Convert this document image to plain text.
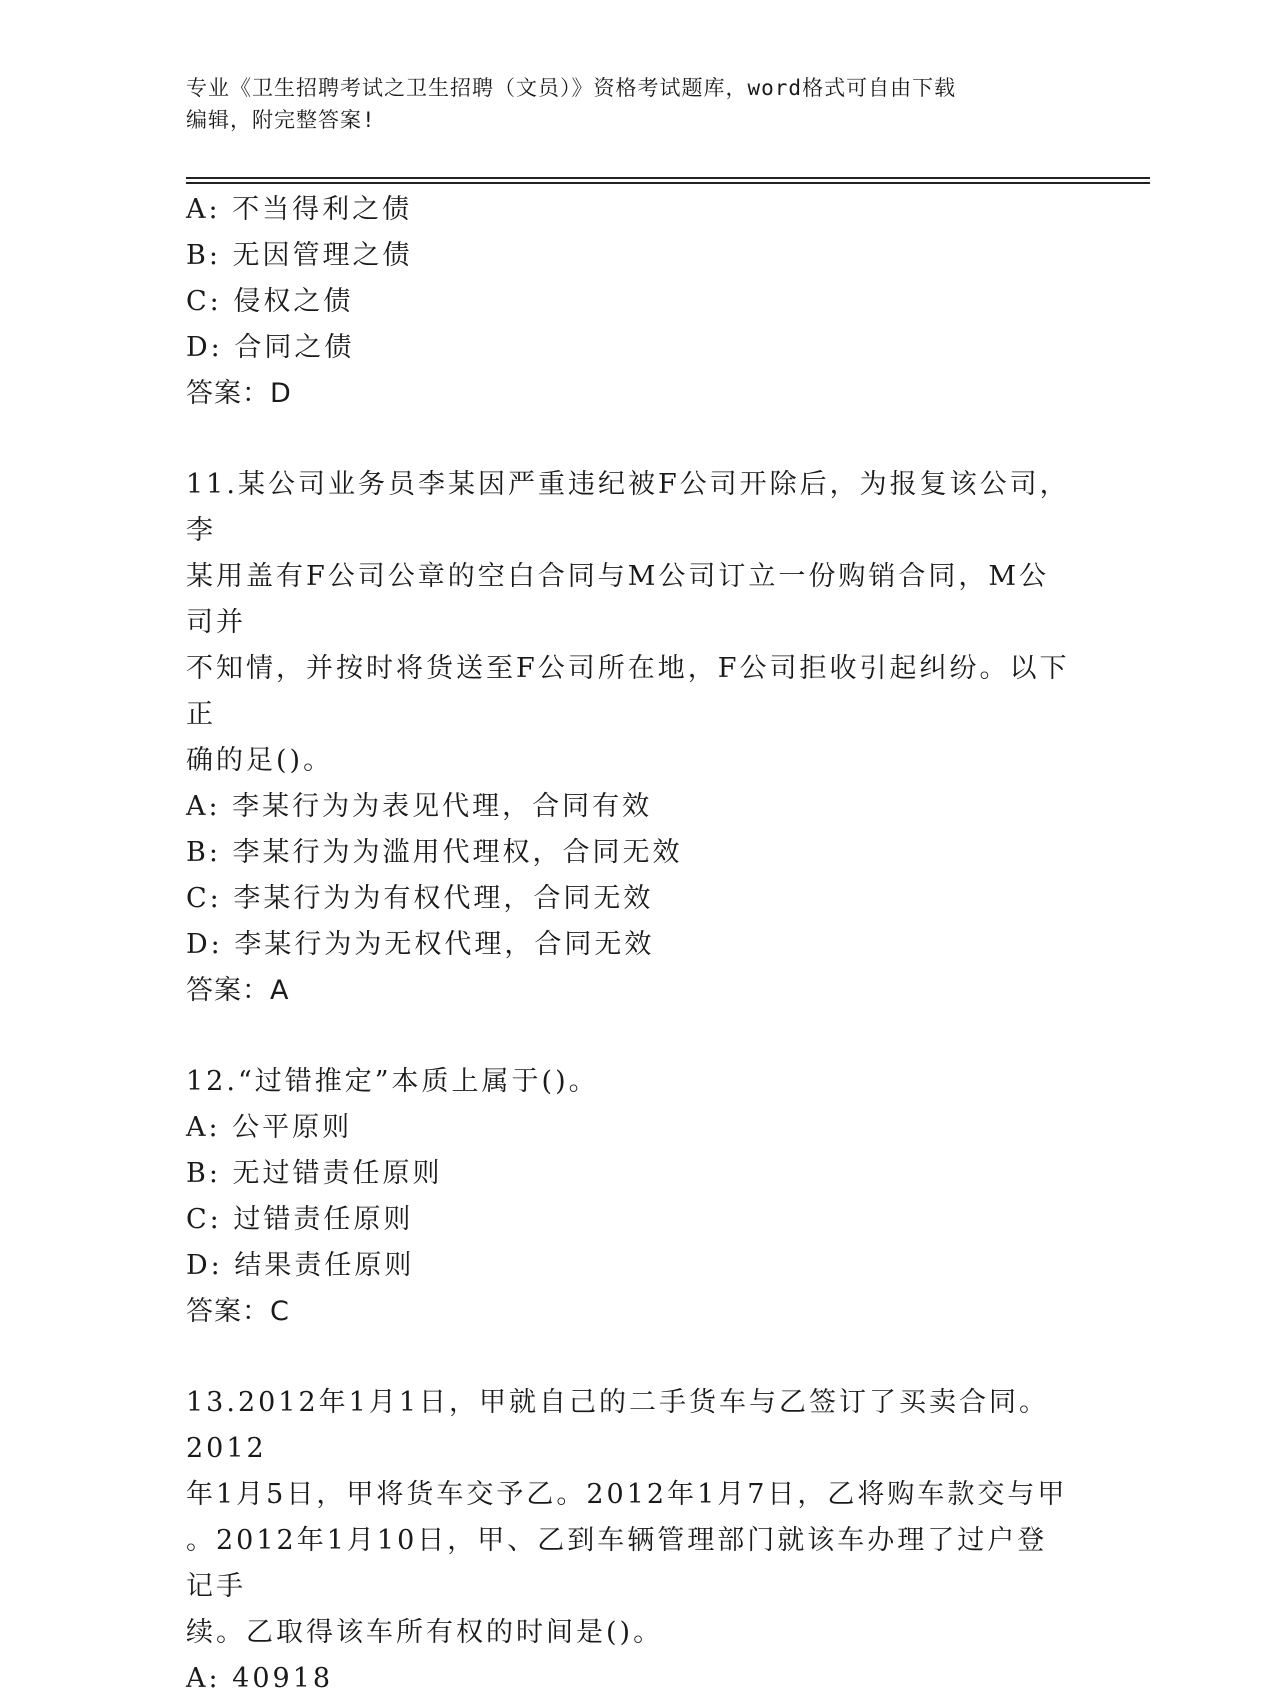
专业《卫生招聘考试之卫生招聘（文员）》资格考试题库，word格式可自由下载
编辑，附完整答案!
A: 不当得利之债
B: 无因管理之债
C: 侵权之债
D: 合同之债
答案：D
11.某公司业务员李某因严重违纪被F公司开除后，为报复该公司，李
某用盖有F公司公章的空白合同与M公司订立一份购销合同，M公司并
不知情，并按时将货送至F公司所在地，F公司拒收引起纠纷。以下正
确的足()。
A: 李某行为为表见代理，合同有效
B: 李某行为为滥用代理权，合同无效
C: 李某行为为有权代理，合同无效
D: 李某行为为无权代理，合同无效
答案：A
12.“过错推定”本质上属于()。
A: 公平原则
B: 无过错责任原则
C: 过错责任原则
D: 结果责任原则
答案：C
13.2012年1月1日，甲就自己的二手货车与乙签订了买卖合同。2012
年1月5日，甲将货车交予乙。2012年1月7日，乙将购车款交与甲
。2012年1月10日，甲、乙到车辆管理部门就该车办理了过户登记手
续。乙取得该车所有权的时间是()。
A: 40918
